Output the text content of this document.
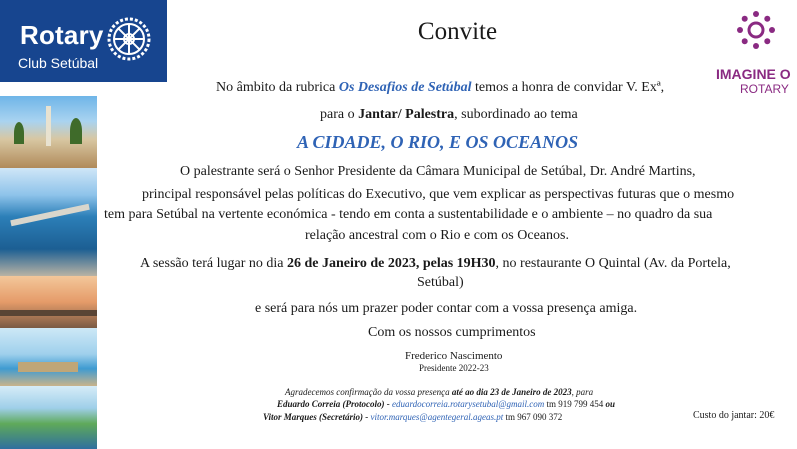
Rotary
Club Setúbal
IMAGINE O
ROTARY
Convite
No âmbito da rubrica Os Desafios de Setúbal temos a honra de convidar V. Exª,
para o Jantar/ Palestra, subordinado ao tema
A CIDADE, O RIO, E OS OCEANOS
O palestrante será o Senhor Presidente da Câmara Municipal de Setúbal, Dr. André Martins,
principal responsável pelas políticas do Executivo, que vem explicar as perspectivas futuras que o mesmo
tem para Setúbal na vertente económica - tendo em conta a sustentabilidade e o ambiente – no quadro da sua
relação ancestral com o Rio e com os Oceanos.
A sessão terá lugar no dia 26 de Janeiro de 2023, pelas 19H30, no restaurante O Quintal (Av. da Portela,
Setúbal)
e será para nós um prazer poder contar com a vossa presença amiga.
Com os nossos cumprimentos
Frederico Nascimento
Presidente 2022-23
Agradecemos confirmação da vossa presença até ao dia 23 de Janeiro de 2023, para
Eduardo Correia (Protocolo) - eduardocorreia.rotarysetubal@gmail.com tm 919 799 454 ou
Vitor Marques (Secretário) - vitor.marques@agentegeral.ageas.pt tm 967 090 372	Custo do jantar: 20€
